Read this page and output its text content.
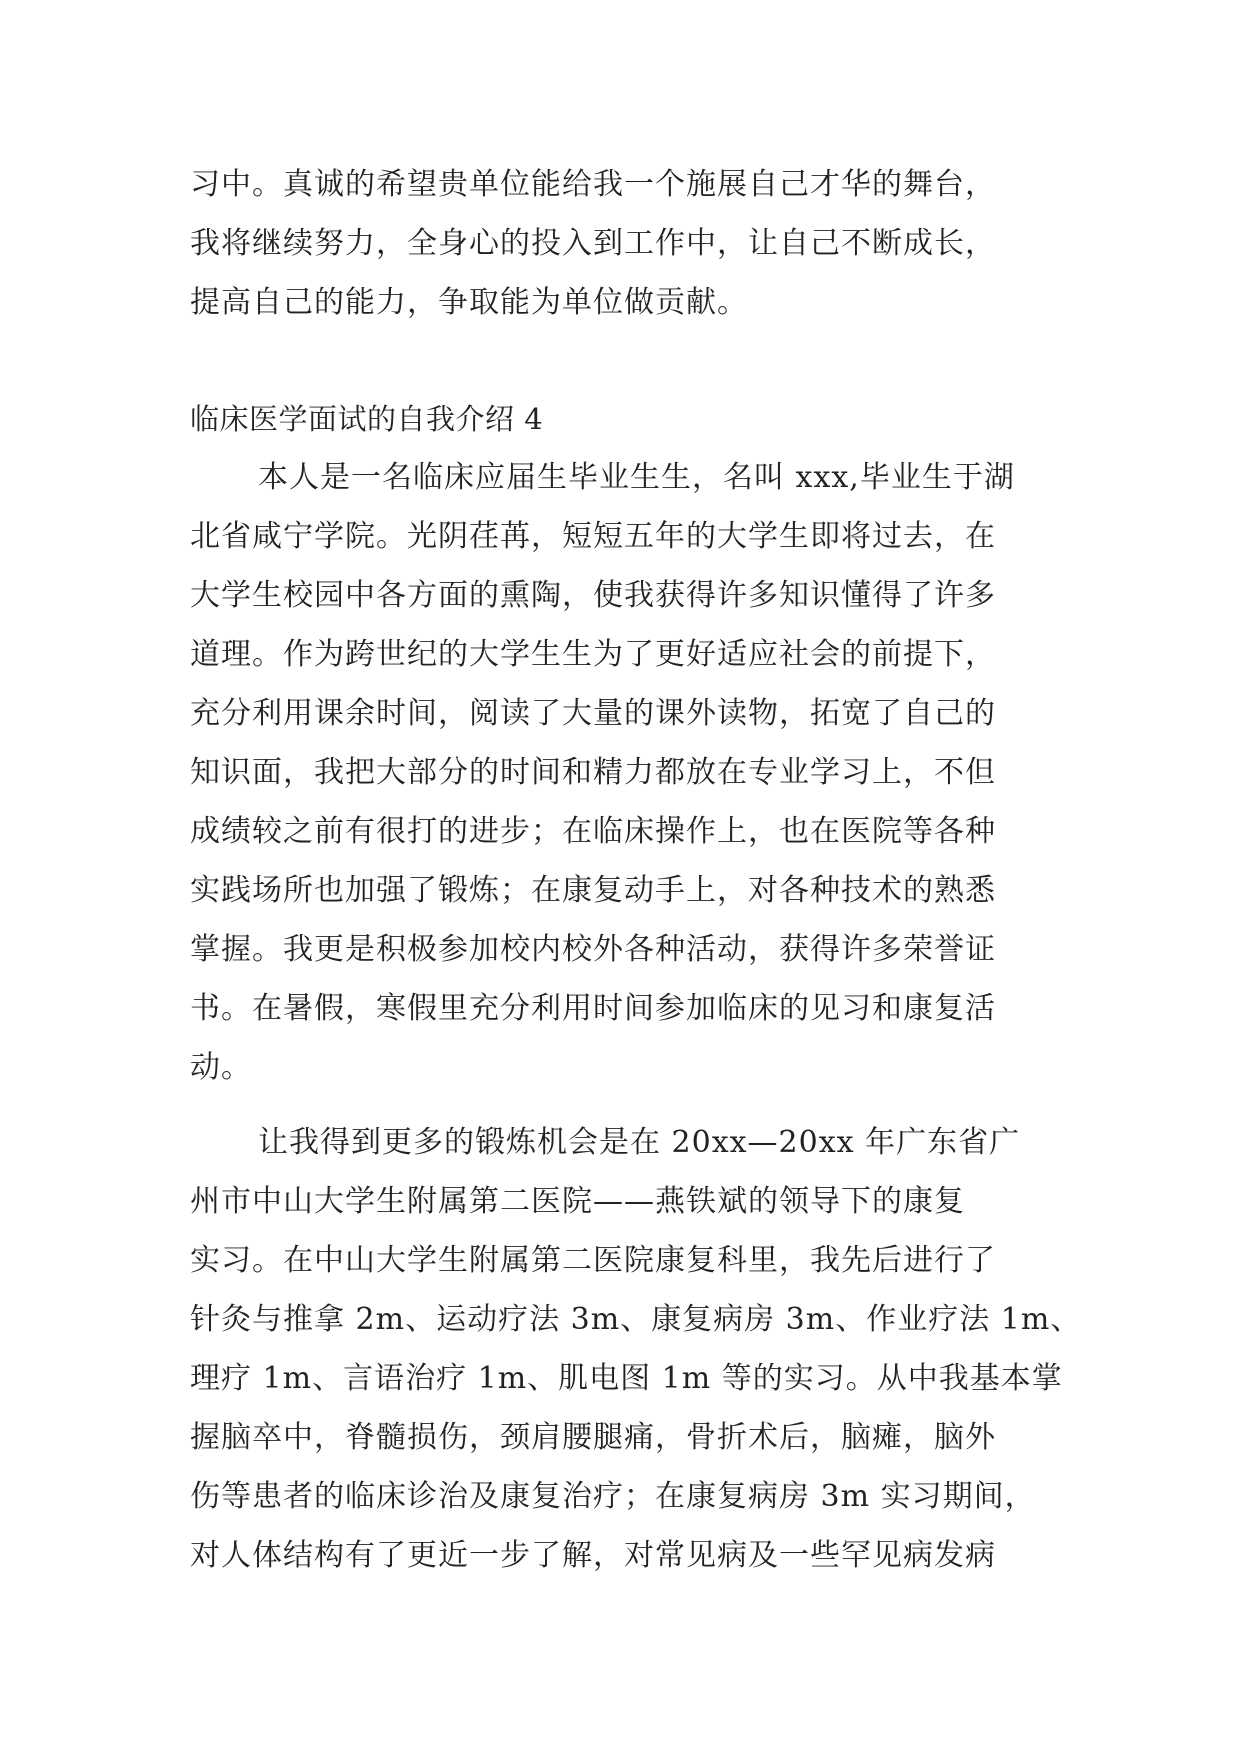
习中。真诚的希望贵单位能给我一个施展自己才华的舞台，
我将继续努力，全身心的投入到工作中，让自己不断成长，
提高自己的能力，争取能为单位做贡献。
临床医学面试的自我介绍 4
本人是一名临床应届生毕业生生，名叫 xxx,毕业生于湖
北省咸宁学院。光阴荏苒，短短五年的大学生即将过去，在
大学生校园中各方面的熏陶，使我获得许多知识懂得了许多
道理。作为跨世纪的大学生生为了更好适应社会的前提下，
充分利用课余时间，阅读了大量的课外读物，拓宽了自己的
知识面，我把大部分的时间和精力都放在专业学习上，不但
成绩较之前有很打的进步；在临床操作上，也在医院等各种
实践场所也加强了锻炼；在康复动手上，对各种技术的熟悉
掌握。我更是积极参加校内校外各种活动，获得许多荣誉证
书。在暑假，寒假里充分利用时间参加临床的见习和康复活
动。
让我得到更多的锻炼机会是在 20xx—20xx 年广东省广
州市中山大学生附属第二医院——燕铁斌的领导下的康复
实习。在中山大学生附属第二医院康复科里，我先后进行了
针灸与推拿 2m、运动疗法 3m、康复病房 3m、作业疗法 1m、
理疗 1m、言语治疗 1m、肌电图 1m 等的实习。从中我基本掌
握脑卒中，脊髓损伤，颈肩腰腿痛，骨折术后，脑瘫，脑外
伤等患者的临床诊治及康复治疗；在康复病房 3m 实习期间，
对人体结构有了更近一步了解，对常见病及一些罕见病发病
